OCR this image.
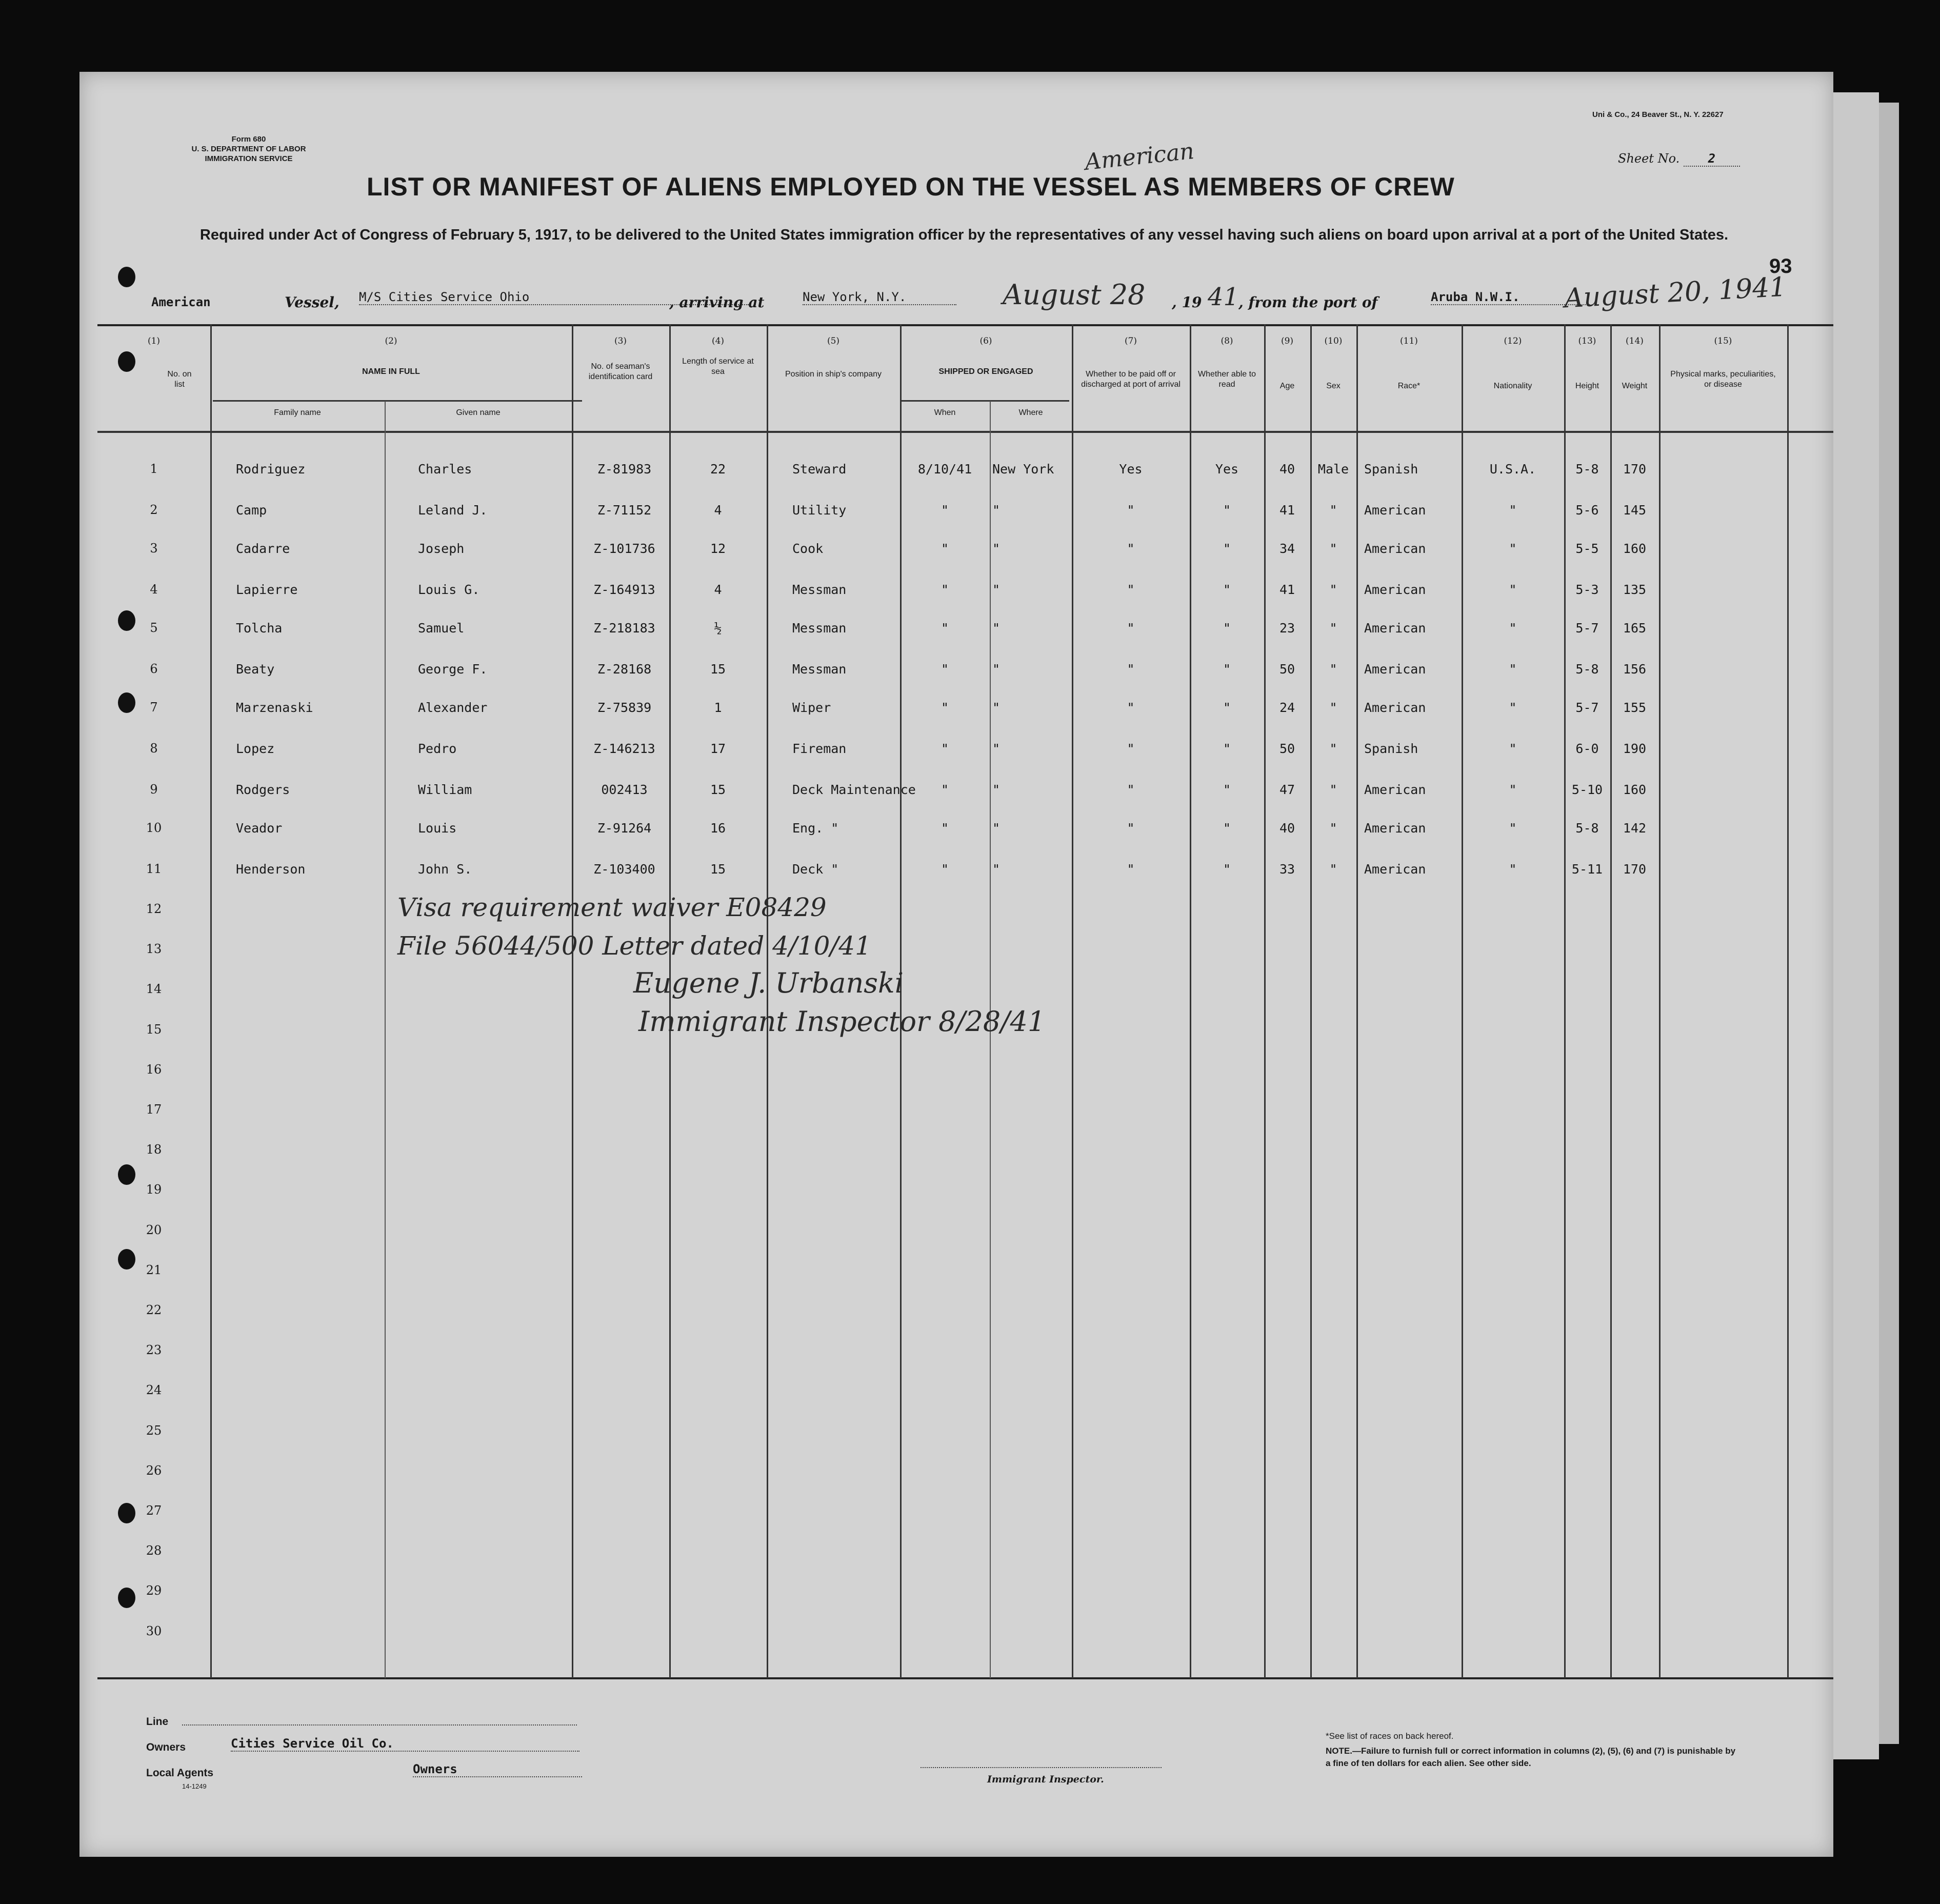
Form 680
U. S. DEPARTMENT OF LABOR
IMMIGRATION SERVICE
Uni & Co., 24 Beaver St., N. Y. 22627
Sheet No. 2
American
LIST OR MANIFEST OF ALIENS EMPLOYED ON THE VESSEL AS MEMBERS OF CREW
Required under Act of Congress of February 5, 1917, to be delivered to the United States immigration officer by the representatives of any vessel having such aliens on board upon arrival at a port of the United States.
93
American	Vessel, M/S Cities Service Ohio	, arriving at	New York, N.Y.	August 28 , 19 41
, from the port of	Aruba N.W.I.	August 20, 1941
(1)	(2)	(3)	(4)	(5)	(6)	(7)	(8)	(9)	(10)	(11)	(12)	(13)	(14)	(15)
No. on list
NAME IN FULL
Family name	Given name
No. of seaman's identification card
Length of service at sea	Position in ship's company	SHIPPED OR ENGAGED
When	Where
Whether to be paid off or discharged at port of arrival
Whether able to read	Age	Sex	Race*	Nationality	Height	Weight
Physical marks, peculiarities, or disease
1	Rodriguez	Charles	Z-81983	22	Steward	8/10/41	New York	Yes	Yes	40	Male	Spanish	U.S.A.	5-8	170
2	Camp	Leland J.	Z-71152	4	Utility	"	"	"	"	41	"	American	"	5-6	145
3	Cadarre	Joseph	Z-101736	12	Cook	"	"	"	"	34	"	American	"	5-5	160
4	Lapierre	Louis G.	Z-164913	4	Messman	"	"	"	"	41	"	American	"	5-3	135
5	Tolcha	Samuel	Z-218183	½	Messman	"	"	"	"	23	"	American	"	5-7	165
6	Beaty	George F.	Z-28168	15	Messman	"	"	"	"	50	"	American	"	5-8	156
7	Marzenaski	Alexander	Z-75839	1	Wiper	"	"	"	"	24	"	American	"	5-7	155
8	Lopez	Pedro	Z-146213	17	Fireman	"	"	"	"	50	"	Spanish	"	6-0	190
9	Rodgers	William	002413	15	Deck Maintenance	"	"	"	"	47	"	American	"	5-10	160
10	Veador	Louis	Z-91264	16	Eng. "	"	"	"	"	40	"	American	"	5-8	142
11	Henderson	John S.	Z-103400	15	Deck "	"	"	"	"	33	"	American	"	5-11	170
12
13
14
15
16
17
18
19
20
21
22
23
24
25
26
27
28
29
30
Visa requirement waiver E08429
File 56044/500 Letter dated 4/10/41
Eugene J. Urbanski
Immigrant Inspector 8/28/41
Line
Owners	Cities Service Oil Co.
Local Agents	Owners
14-1249
Immigrant Inspector.
*See list of races on back hereof.
NOTE.—Failure to furnish full or correct information in columns (2), (5), (6) and (7) is punishable by a fine of ten dollars for each alien. See other side.
